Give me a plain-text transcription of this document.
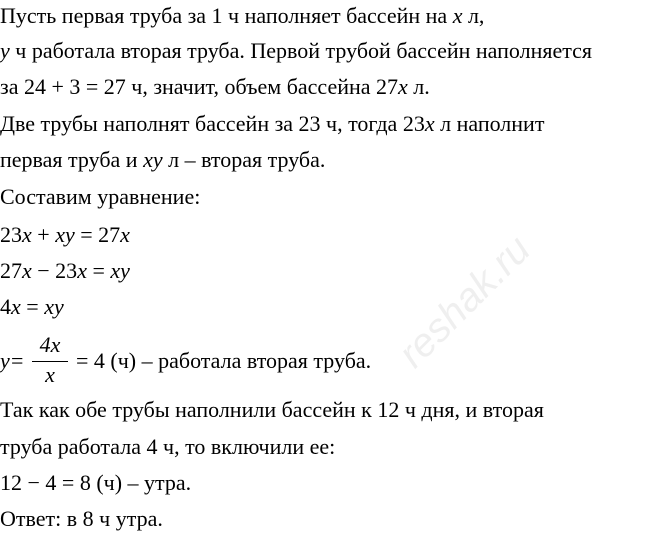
Пусть первая труба за 1 ч наполняет бассейн на x л,
y ч работала вторая труба. Первой трубой бассейн наполняется
за 24 + 3 = 27 ч, значит, объем бассейна 27x л.
Две трубы наполнят бассейн за 23 ч, тогда 23x л наполнит
первая труба и xy л – вторая труба.
Составим уравнение:
23x + xy = 27x
27x − 23x = xy
4x = xy
y =
4x
x
= 4 (ч) – работала вторая труба.
Так как обе трубы наполнили бассейн к 12 ч дня, и вторая
труба работала 4 ч, то включили ее:
12 − 4 = 8 (ч) – утра.
Ответ: в 8 ч утра.
reshak.ru
